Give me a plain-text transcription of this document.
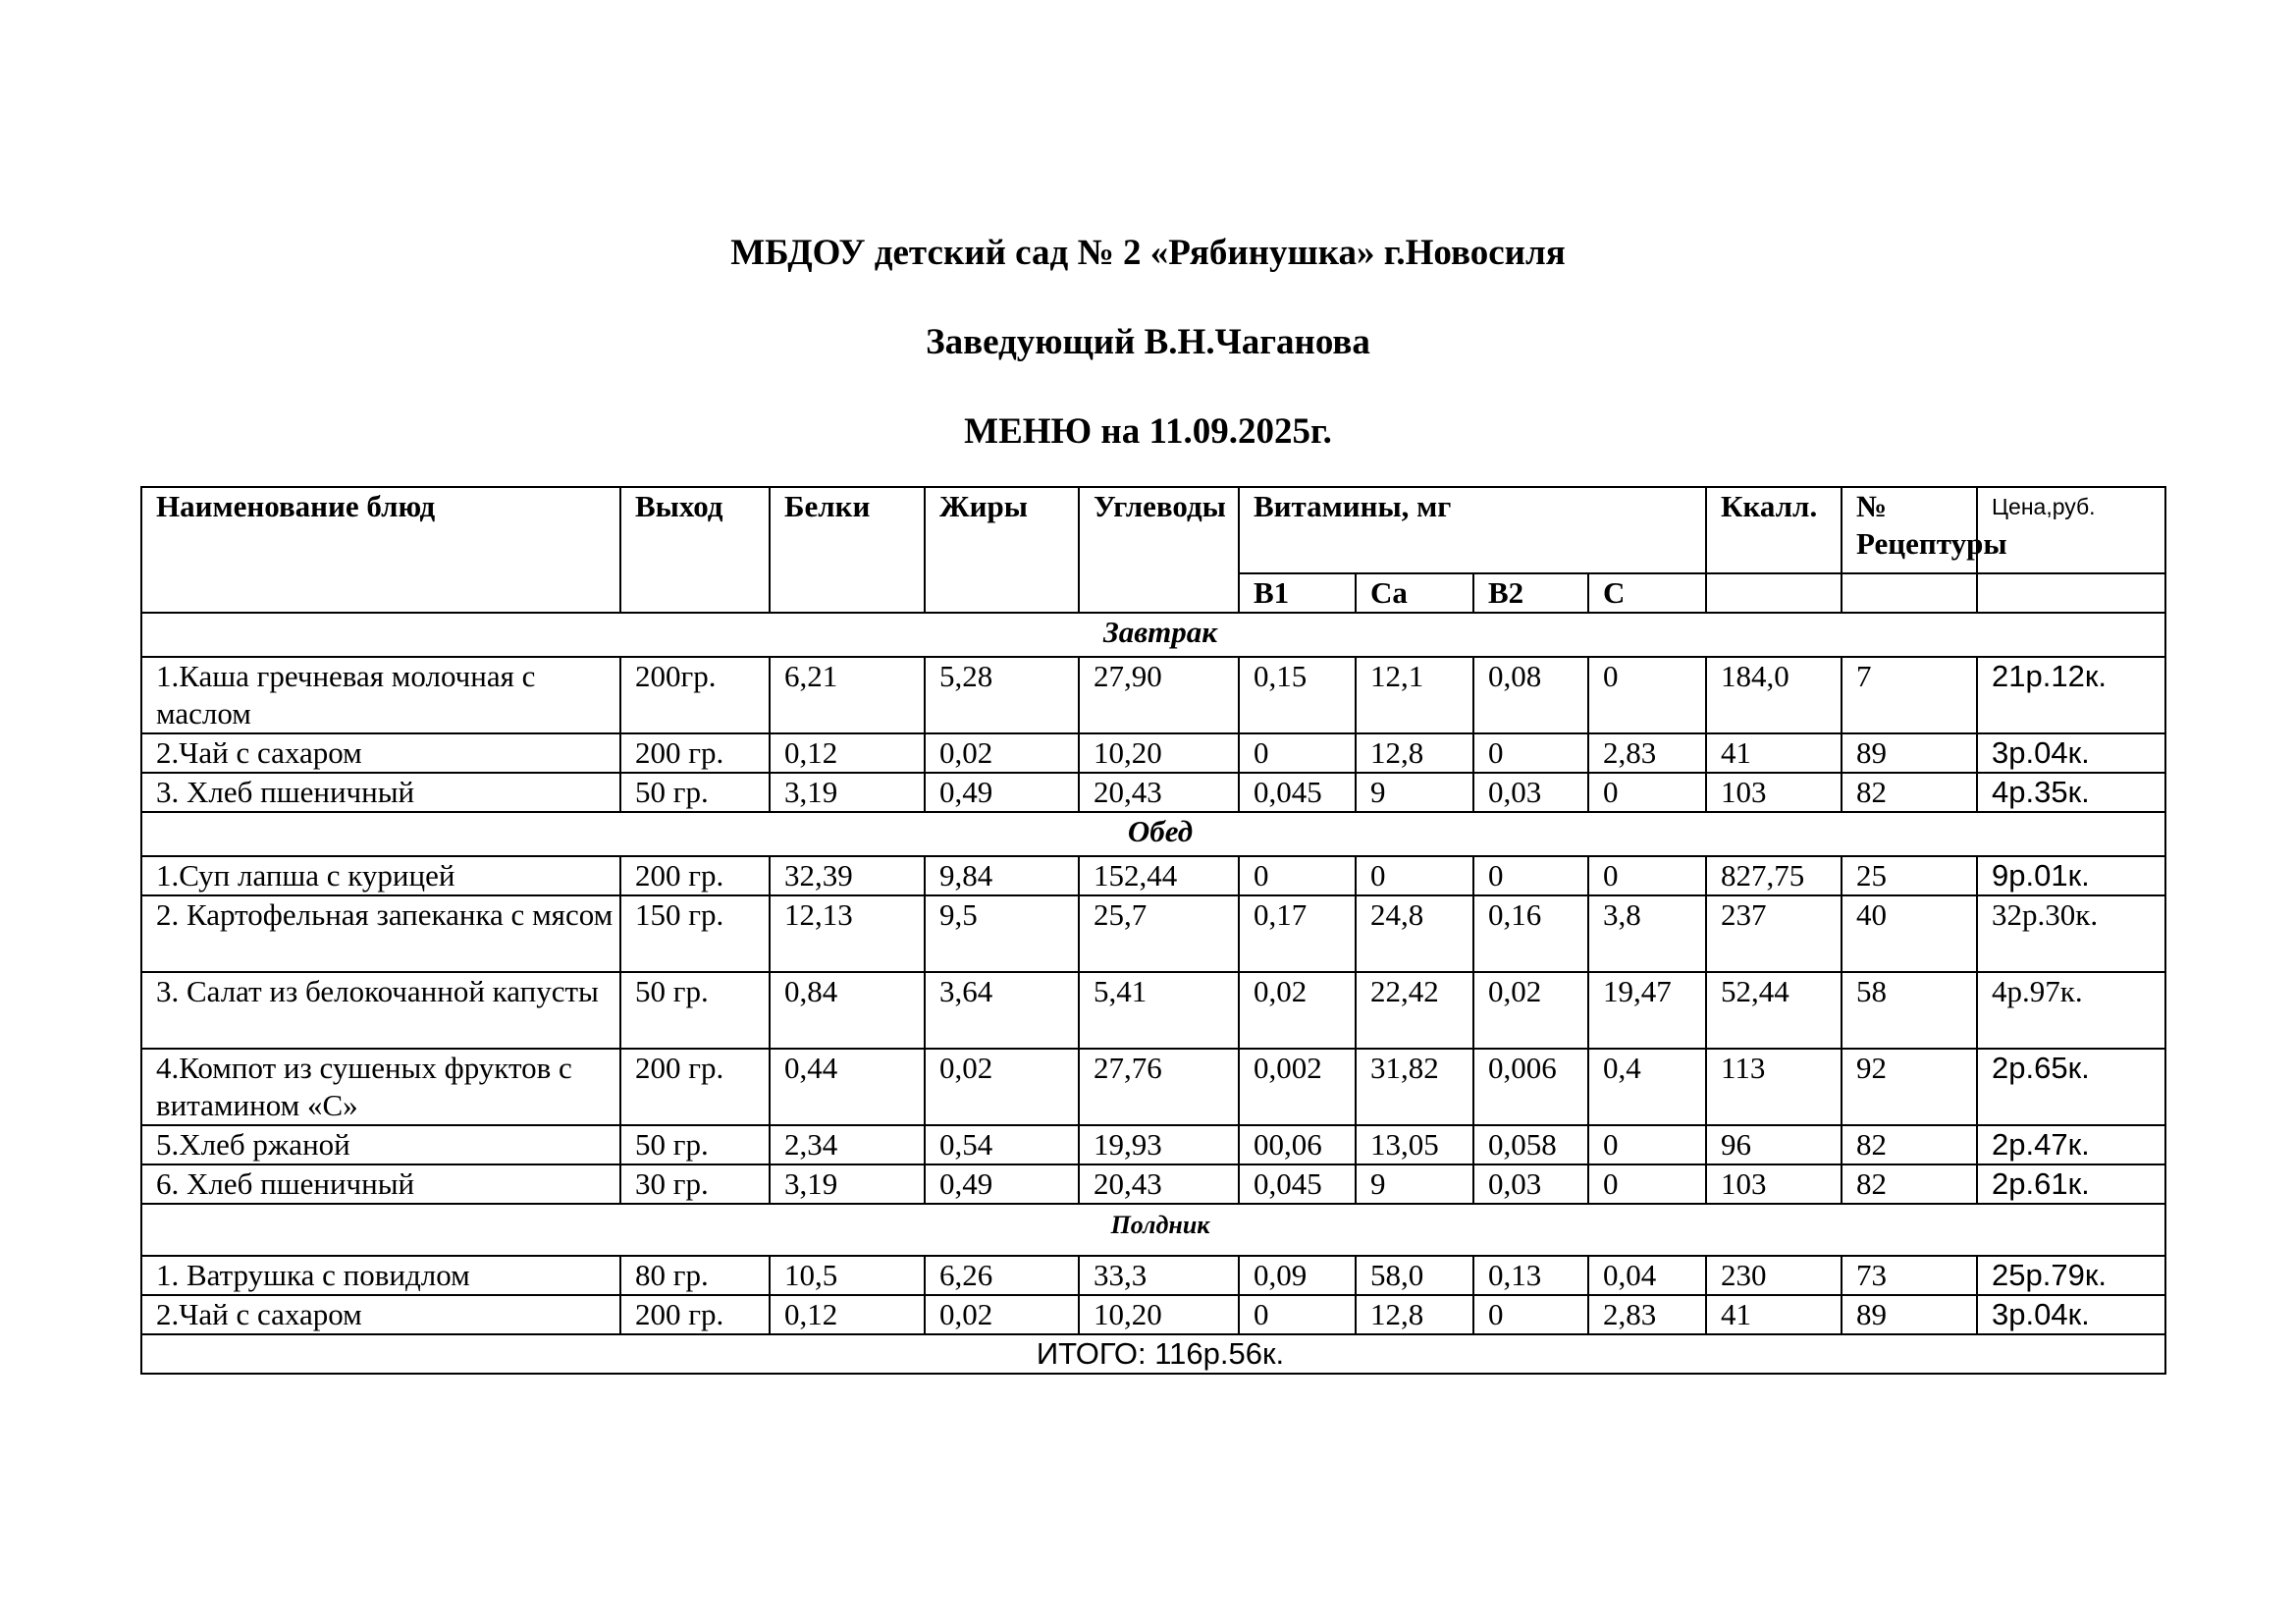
МБДОУ детский сад № 2 «Рябинушка» г.Новосиля
Заведующий В.Н.Чаганова
МЕНЮ на 11.09.2025г.
Наименование блюд	Выход	Белки	Жиры	Углеводы	Витамины, мг	Ккалл.	№ Рецептуры	Цена,руб.
В1	Са	В2	С			
Завтрак
1.Каша гречневая молочная с маслом	200гр.	6,21	5,28	27,90	0,15	12,1	0,08	0	184,0	7	21р.12к.
2.Чай с сахаром	200 гр.	0,12	0,02	10,20	0	12,8	0	2,83	41	89	3р.04к.
3. Хлеб пшеничный	50 гр.	3,19	0,49	20,43	0,045	9	0,03	0	103	82	4р.35к.
Обед
1.Суп лапша с курицей	200 гр.	32,39	9,84	152,44	0	0	0	0	827,75	25	9р.01к.
2. Картофельная запеканка с мясом	150 гр.	12,13	9,5	25,7	0,17	24,8	0,16	3,8	237	40	32р.30к.
3. Салат из белокочанной капусты	50 гр.	0,84	3,64	5,41	0,02	22,42	0,02	19,47	52,44	58	4р.97к.
4.Компот из сушеных фруктов с витамином «С»	200 гр.	0,44	0,02	27,76	0,002	31,82	0,006	0,4	113	92	2р.65к.
5.Хлеб ржаной	50 гр.	2,34	0,54	19,93	00,06	13,05	0,058	0	96	82	2р.47к.
6. Хлеб пшеничный	30 гр.	3,19	0,49	20,43	0,045	9	0,03	0	103	82	2р.61к.
Полдник
1. Ватрушка с повидлом	80 гр.	10,5	6,26	33,3	0,09	58,0	0,13	0,04	230	73	25р.79к.
2.Чай с сахаром	200 гр.	0,12	0,02	10,20	0	12,8	0	2,83	41	89	3р.04к.
ИТОГО: 116р.56к.
